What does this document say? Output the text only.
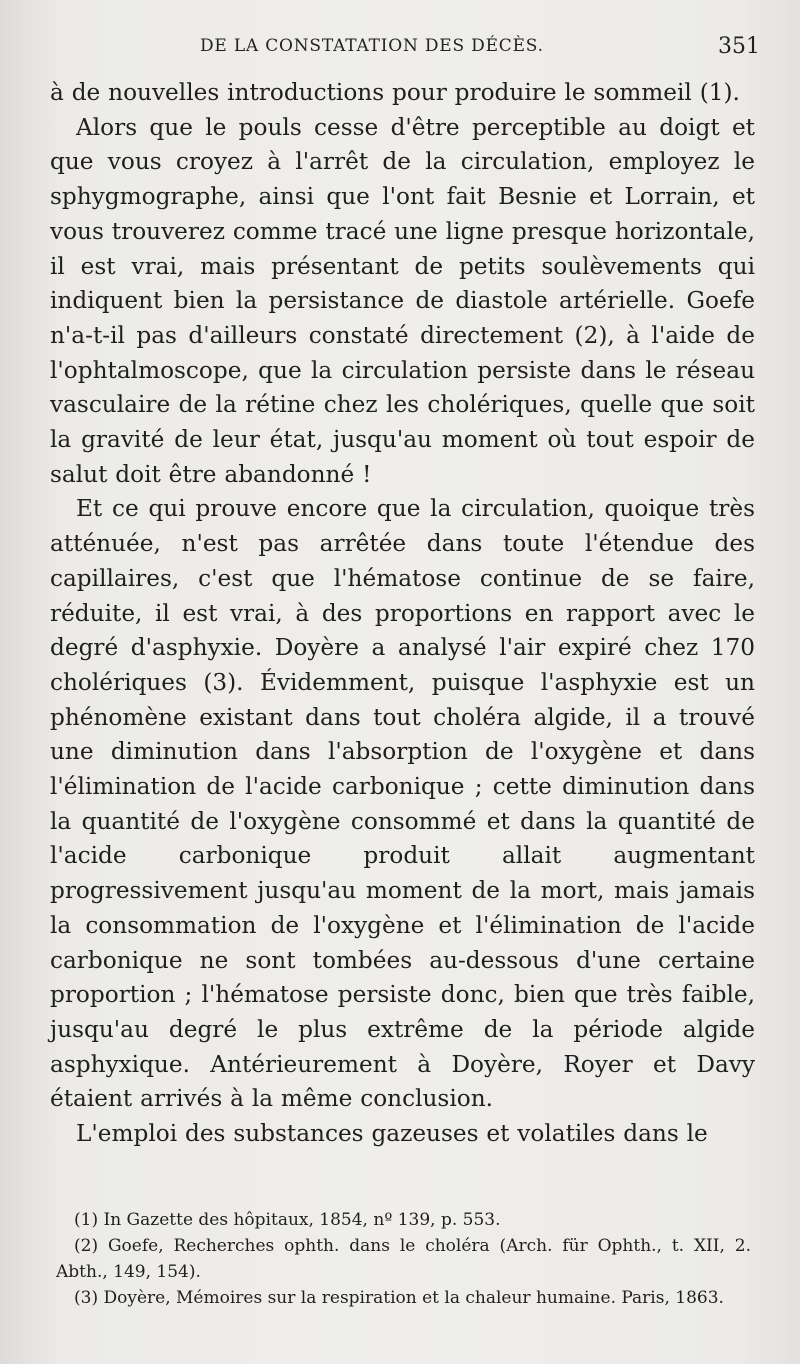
DE LA CONSTATATION DES DÉCÈS.	351

à de nouvelles introductions pour produire le sommeil (1).

Alors que le pouls cesse d'être perceptible au doigt et que vous croyez à l'arrêt de la circulation, employez le sphygmographe, ainsi que l'ont fait Besnie et Lorrain, et vous trouverez comme tracé une ligne presque horizontale, il est vrai, mais présentant de petits soulèvements qui indiquent bien la persistance de diastole artérielle. Goefe n'a-t-il pas d'ailleurs constaté directement (2), à l'aide de l'ophtalmoscope, que la circulation persiste dans le réseau vasculaire de la rétine chez les cholériques, quelle que soit la gravité de leur état, jusqu'au moment où tout espoir de salut doit être abandonné !

Et ce qui prouve encore que la circulation, quoique très atténuée, n'est pas arrêtée dans toute l'étendue des capillaires, c'est que l'hématose continue de se faire, réduite, il est vrai, à des proportions en rapport avec le degré d'asphyxie. Doyère a analysé l'air expiré chez 170 cholériques (3). Évidemment, puisque l'asphyxie est un phénomène existant dans tout choléra algide, il a trouvé une diminution dans l'absorption de l'oxygène et dans l'élimination de l'acide carbonique ; cette diminution dans la quantité de l'oxygène consommé et dans la quantité de l'acide carbonique produit allait augmentant progressivement jusqu'au moment de la mort, mais jamais la consommation de l'oxygène et l'élimination de l'acide carbonique ne sont tombées au-dessous d'une certaine proportion ; l'hématose persiste donc, bien que très faible, jusqu'au degré le plus extrême de la période algide asphyxique. Antérieurement à Doyère, Royer et Davy étaient arrivés à la même conclusion.

L'emploi des substances gazeuses et volatiles dans le

(1) In Gazette des hôpitaux, 1854, nº 139, p. 553.

(2) Goefe, Recherches ophth. dans le choléra (Arch. für Ophth., t. XII, 2. Abth., 149, 154).

(3) Doyère, Mémoires sur la respiration et la chaleur humaine. Paris, 1863.
